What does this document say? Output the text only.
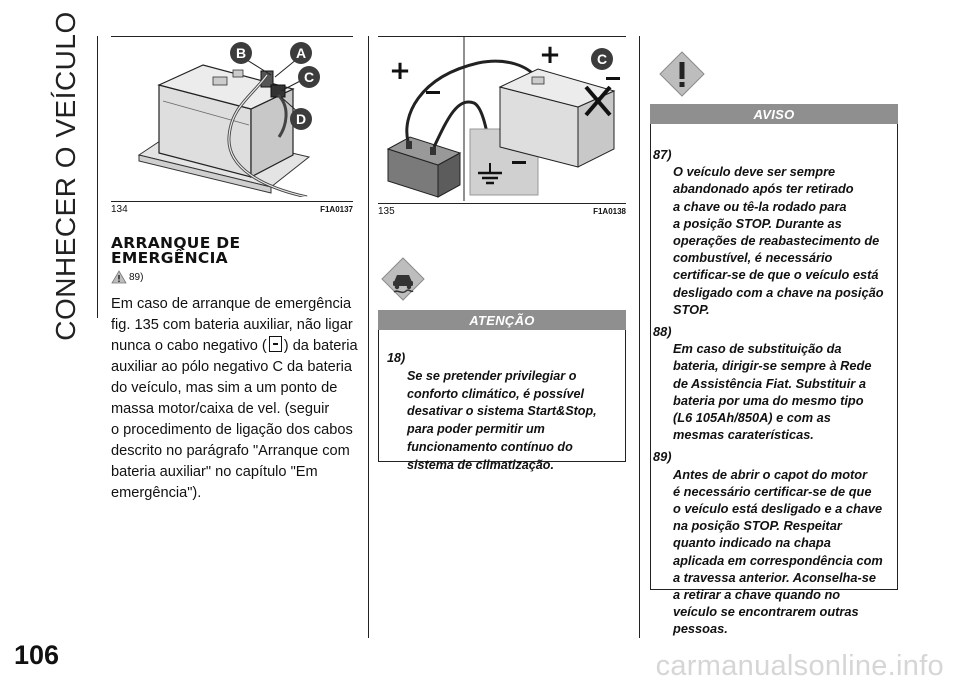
CONHECER O VEÍCULO
106	carmanualsonline.info
B	A
C
D
134	F1A0137
+
+	C
135	F1A0138
ARRANQUE DE
EMERGÊNCIA
89)

Em caso de arranque de emergência
fig. 135 com bateria auxiliar, não ligar
nunca o cabo negativo ( ) da bateria
auxiliar ao pólo negativo C da bateria
do veículo, mas sim a um ponto de
massa motor/caixa de vel. (seguir
o procedimento de ligação dos cabos
descrito no parágrafo "Arranque com
bateria auxiliar" no capítulo "Em
emergência").

ATENÇÃO

18)
Se se pretender privilegiar o
conforto climático, é possível
desativar o sistema Start&Stop,
para poder permitir um
funcionamento contínuo do
sistema de climatização.

AVISO

87)
O veículo deve ser sempre
abandonado após ter retirado
a chave ou tê-la rodado para
a posição STOP. Durante as
operações de reabastecimento de
combustível, é necessário
certificar-se de que o veículo está
desligado com a chave na posição
STOP.

88)
Em caso de substituição da
bateria, dirigir-se sempre à Rede
de Assistência Fiat. Substituir a
bateria por uma do mesmo tipo
(L6 105Ah/850A) e com as
mesmas caraterísticas.

89)
Antes de abrir o capot do motor
é necessário certificar-se de que
o veículo está desligado e a chave
na posição STOP. Respeitar
quanto indicado na chapa
aplicada em correspondência com
a travessa anterior. Aconselha-se
a retirar a chave quando no
veículo se encontrarem outras
pessoas.
